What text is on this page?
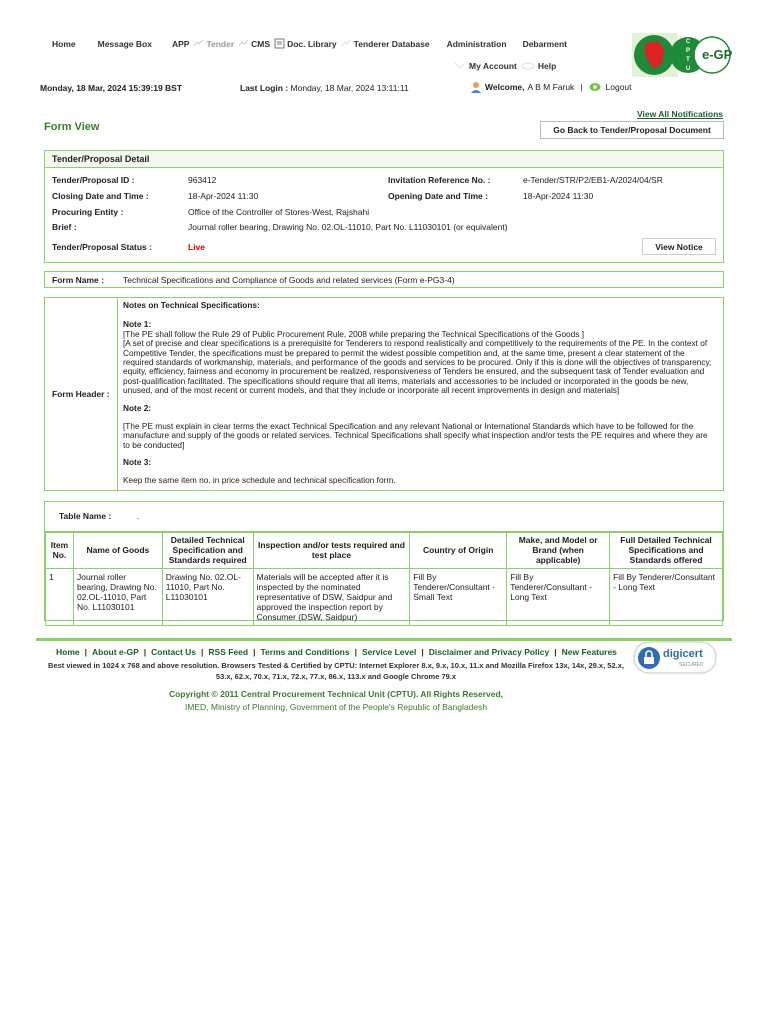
Home	Message Box APP Tender CMS Doc. Library Tenderer Database Administration Debarment
My Account Help
C
P
T
U
e-GP
Monday, 18 Mar, 2024 15:39:19 BST	Last Login : Monday, 18 Mar, 2024 13:11:11	Welcome, A B M Faruk |	Logout
View All Notifications
Form View	Go Back to Tender/Proposal Document
Tender/Proposal Detail
Tender/Proposal ID :	963412	Invitation Reference No. :	e-Tender/STR/P2/EB1-A/2024/04/SR
Closing Date and Time :	18-Apr-2024 11:30	Opening Date and Time :	18-Apr-2024 11:30
Procuring Entity :	Office of the Controller of Stores-West, Rajshahi
Brief :	Journal roller bearing, Drawing No. 02.OL-11010, Part No. L11030101 (or equivalent)
Tender/Proposal Status :	Live	View Notice
Form Name : Technical Specifications and Compliance of Goods and related services (Form e-PG3-4)
Form Header :
Notes on Technical Specifications:
Note 1:
[The PE shall follow the Rule 29 of Public Procurement Rule, 2008 while preparing the Technical Specifications of the Goods ]
[A set of precise and clear specifications is a prerequisite for Tenderers to respond realistically and competitively to the requirements of the PE. In the context of Competitive Tender, the specifications must be prepared to permit the widest possible competition and, at the same time, present a clear statement of the required standards of workmanship, materials, and performance of the goods and services to be procured. Only if this is done will the objectives of transparency, equity, efficiency, fairness and economy in procurement be realized, responsiveness of Tenders be ensured, and the subsequent task of Tender evaluation and post-qualification facilitated. The specifications should require that all items, materials and accessories to be included or incorporated in the goods be new, unused, and of the most recent or current models, and that they include or incorporate all recent improvements in design and materials]
Note 2:
[The PE must explain in clear terms the exact Technical Specification and any relevant National or International Standards which have to be followed for the manufacture and supply of the goods or related services. Technical Specifications shall specify what inspection and/or tests the PE requires and where they are to be conducted]
Note 3:
Keep the same item no. in price schedule and technical specification form.
Table Name :	.
Item No.	Name of Goods	Detailed Technical Specification and Standards required	Inspection and/or tests required and test place	Country of Origin	Make, and Model or Brand (when applicable)	Full Detailed Technical Specifications and Standards offered
1	Journal roller bearing, Drawing No. 02.OL-11010, Part No. L11030101	Drawing No. 02.OL-11010, Part No. L11030101	Materials will be accepted after it is inspected by the nominated representative of DSW, Saidpur and approved the inspection report by Consumer (DSW, Saidpur)	Fill By Tenderer/Consultant - Small Text	Fill By Tenderer/Consultant - Long Text	Fill By Tenderer/Consultant - Long Text
Home | About e-GP | Contact Us | RSS Feed | Terms and Conditions | Service Level | Disclaimer and Privacy Policy | New Features
Best viewed in 1024 x 768 and above resolution. Browsers Tested & Certified by CPTU: Internet Explorer 8.x, 9.x, 10.x, 11.x and Mozilla Firefox 13x, 14x, 29.x, 52.x, 53.x, 62.x, 70.x, 71.x, 72.x, 77.x, 86.x, 113.x and Google Chrome 79.x
Copyright © 2011 Central Procurement Technical Unit (CPTU). All Rights Reserved,
IMED, Ministry of Planning, Government of the People's Republic of Bangladesh
digicert
SECURED
